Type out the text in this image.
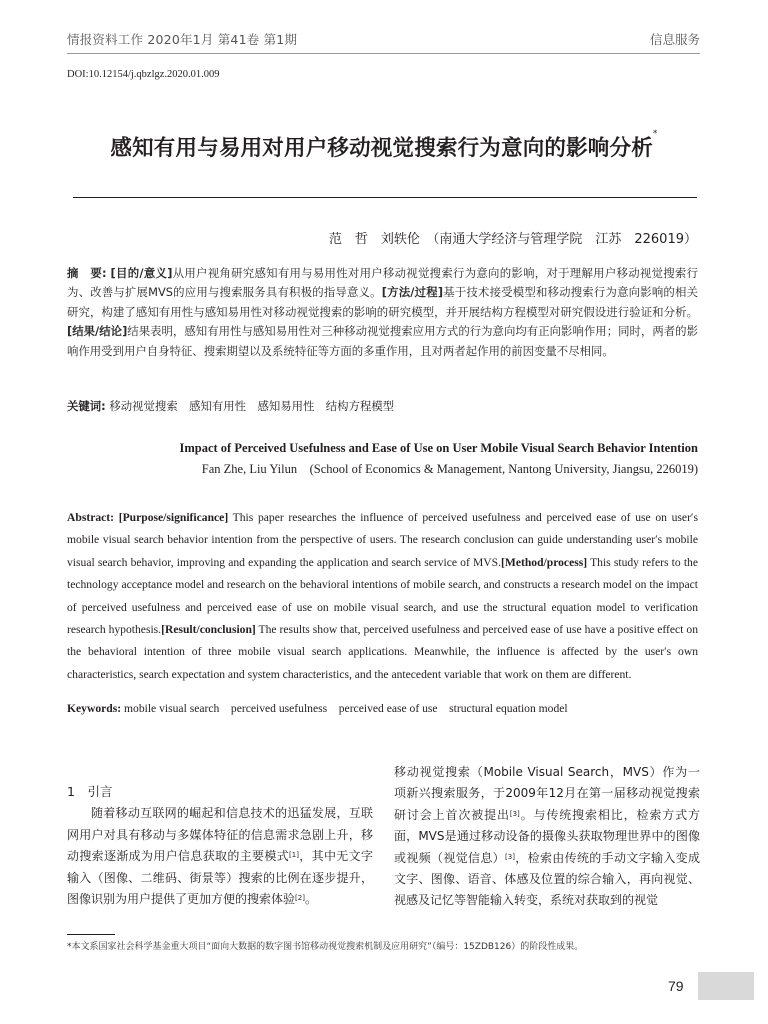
情报资料工作 2020年1月 第41卷 第1期	信息服务
DOI:10.12154/j.qbzlgz.2020.01.009
感知有用与易用对用户移动视觉搜索行为意向的影响分析*
范　哲　刘轶伦　（南通大学经济与管理学院　江苏　226019）
摘　要: [目的/意义]从用户视角研究感知有用与易用性对用户移动视觉搜索行为意向的影响，对于理解用户移动视觉搜索行为、改善与扩展MVS的应用与搜索服务具有积极的指导意义。[方法/过程]基于技术接受模型和移动搜索行为意向影响的相关研究，构建了感知有用性与感知易用性对移动视觉搜索的影响的研究模型，并开展结构方程模型对研究假设进行验证和分析。[结果/结论]结果表明，感知有用性与感知易用性对三种移动视觉搜索应用方式的行为意向均有正向影响作用；同时，两者的影响作用受到用户自身特征、搜索期望以及系统特征等方面的多重作用，且对两者起作用的前因变量不尽相同。
关键词: 移动视觉搜索　感知有用性　感知易用性　结构方程模型
Impact of Perceived Usefulness and Ease of Use on User Mobile Visual Search Behavior Intention
Fan Zhe, Liu Yilun    (School of Economics & Management, Nantong University, Jiangsu, 226019)
Abstract: [Purpose/significance] This paper researches the influence of perceived usefulness and perceived ease of use on user′s mobile visual search behavior intention from the perspective of users. The research conclusion can guide understanding user′s mobile visual search behavior, improving and expanding the application and search service of MVS.[Method/process] This study refers to the technology acceptance model and research on the behavioral intentions of mobile search, and constructs a research model on the impact of perceived usefulness and perceived ease of use on mobile visual search, and use the structural equation model to verification research hypothesis.[Result/conclusion] The results show that, perceived usefulness and perceived ease of use have a positive effect on the behavioral intention of three mobile visual search applications. Meanwhile, the influence is affected by the user′s own characteristics, search expectation and system characteristics, and the antecedent variable that work on them are different.
Keywords: mobile visual search    perceived usefulness    perceived ease of use    structural equation model
1　引言

随着移动互联网的崛起和信息技术的迅猛发展，互联网用户对具有移动与多媒体特征的信息需求急剧上升，移动搜索逐渐成为用户信息获取的主要模式[1]，其中无文字输入（图像、二维码、街景等）搜索的比例在逐步提升，图像识别为用户提供了更加方便的搜索体验[2]。

移动视觉搜索（Mobile Visual Search，MVS）作为一项新兴搜索服务，于2009年12月在第一届移动视觉搜索研讨会上首次被提出[3]。与传统搜索相比，检索方式方面，MVS是通过移动设备的摄像头获取物理世界中的图像或视频（视觉信息）[3]，检索由传统的手动文字输入变成文字、图像、语音、体感及位置的综合输入，再向视觉、视感及记忆等智能输入转变，系统对获取到的视觉

*本文系国家社会科学基金重大项目“面向大数据的数字图书馆移动视觉搜索机制及应用研究”（编号：15ZDB126）的阶段性成果。
79
